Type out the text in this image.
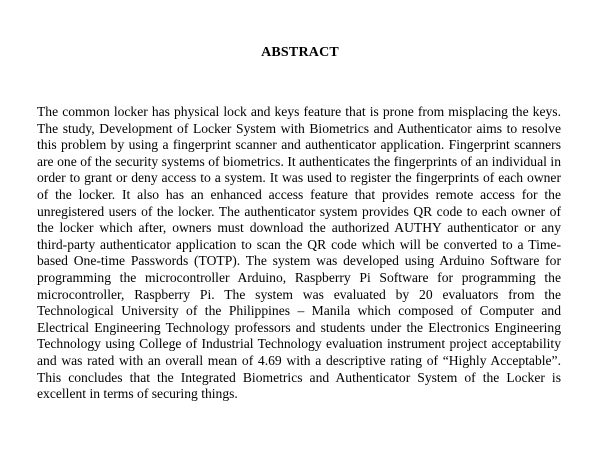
ABSTRACT

The common locker has physical lock and keys feature that is prone from misplacing the keys. The study, Development of Locker System with Biometrics and Authenticator aims to resolve this problem by using a fingerprint scanner and authenticator application. Fingerprint scanners are one of the security systems of biometrics. It authenticates the fingerprints of an individual in order to grant or deny access to a system. It was used to register the fingerprints of each owner of the locker. It also has an enhanced access feature that provides remote access for the unregistered users of the locker. The authenticator system provides QR code to each owner of the locker which after, owners must download the authorized AUTHY authenticator or any third-party authenticator application to scan the QR code which will be converted to a Time-based One-time Passwords (TOTP). The system was developed using Arduino Software for programming the microcontroller Arduino, Raspberry Pi Software for programming the microcontroller, Raspberry Pi. The system was evaluated by 20 evaluators from the Technological University of the Philippines – Manila which composed of Computer and Electrical Engineering Technology professors and students under the Electronics Engineering Technology using College of Industrial Technology evaluation instrument project acceptability and was rated with an overall mean of 4.69 with a descriptive rating of “Highly Acceptable”. This concludes that the Integrated Biometrics and Authenticator System of the Locker is excellent in terms of securing things.
